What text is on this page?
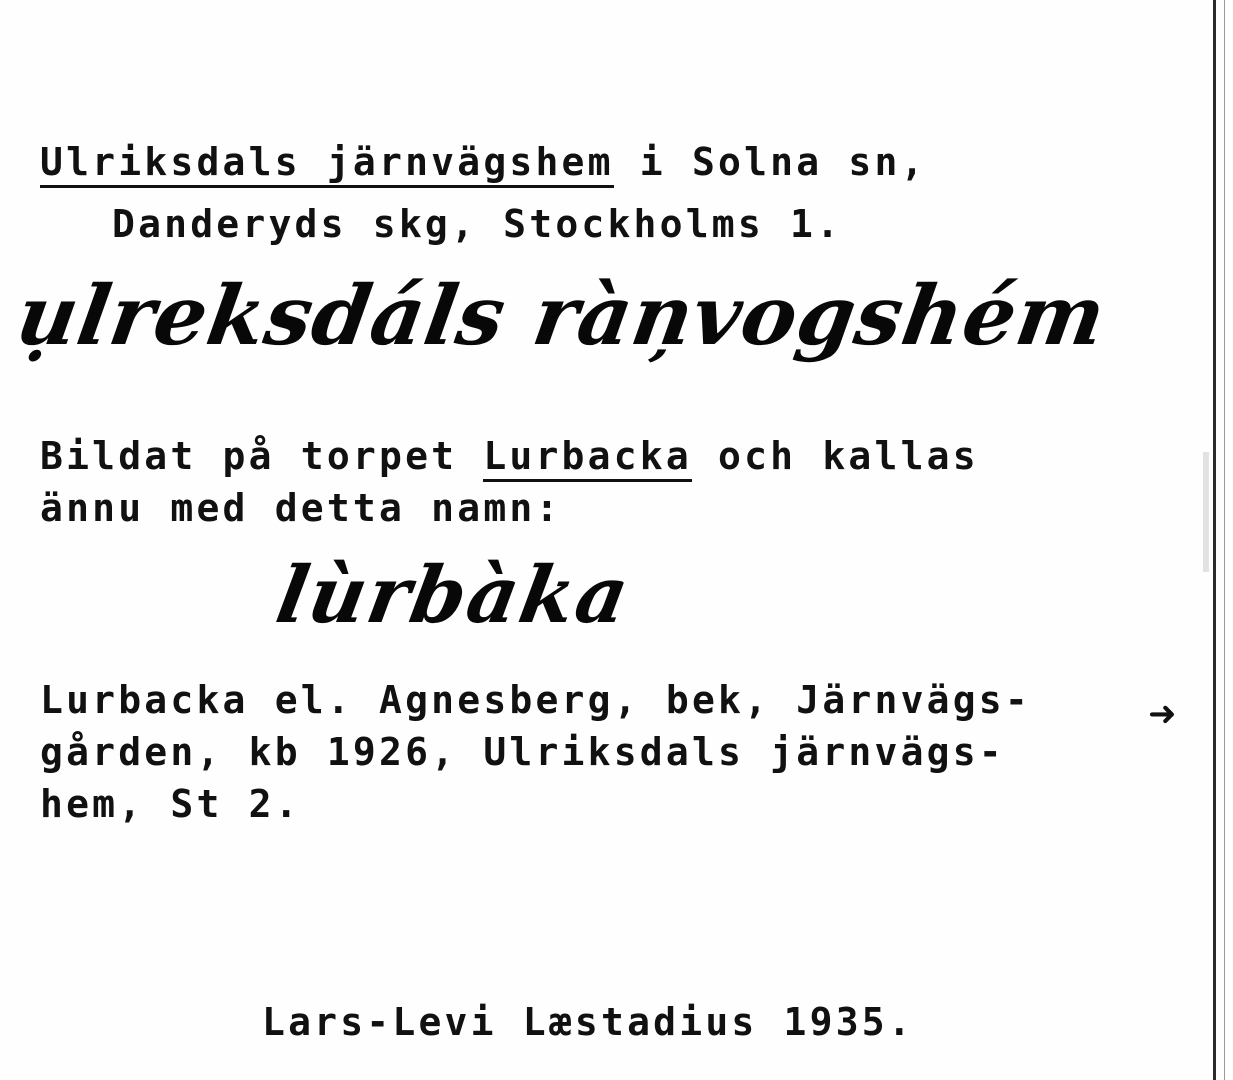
Ulriksdals järnvägshem i Solna sn,
Danderyds skg, Stockholms 1.
ụlreksdáls ràņvogshém
Bildat på torpet Lurbacka och kallas
ännu med detta namn:
lùrbàka
Lurbacka el. Agnesberg, bek, Järnvägs-	➜
gården, kb 1926, Ulriksdals järnvägs-
hem, St 2.
Lars-Levi Læstadius 1935.
